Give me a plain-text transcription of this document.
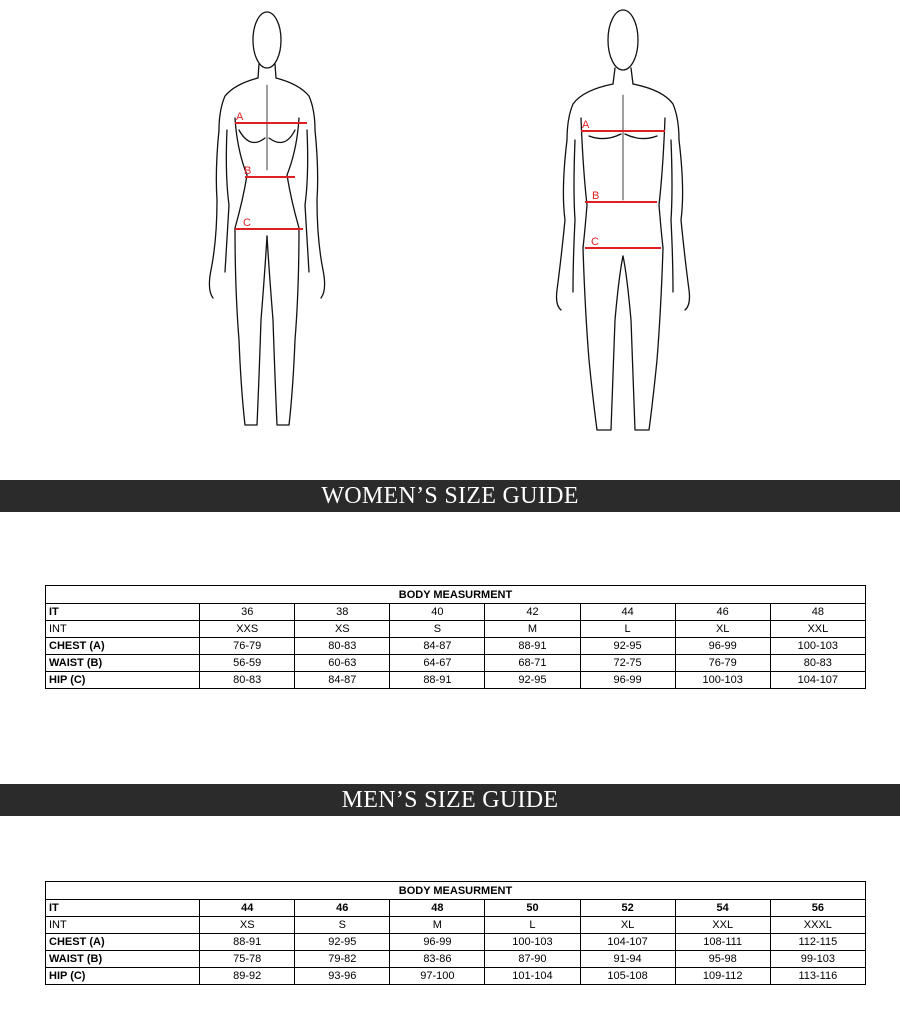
A
B
C
A
B
C
WOMEN’S SIZE GUIDE
BODY MEASURMENT							
IT	36	38	40	42	44	46	48
INT	XXS	XS	S	M	L	XL	XXL
CHEST (A)	76-79	80-83	84-87	88-91	92-95	96-99	100-103
WAIST (B)	56-59	60-63	64-67	68-71	72-75	76-79	80-83
HIP (C)	80-83	84-87	88-91	92-95	96-99	100-103	104-107
MEN’S SIZE GUIDE
BODY MEASURMENT							
IT	44	46	48	50	52	54	56
INT	XS	S	M	L	XL	XXL	XXXL
CHEST (A)	88-91	92-95	96-99	100-103	104-107	108-111	112-115
WAIST (B)	75-78	79-82	83-86	87-90	91-94	95-98	99-103
HIP (C)	89-92	93-96	97-100	101-104	105-108	109-112	113-116
